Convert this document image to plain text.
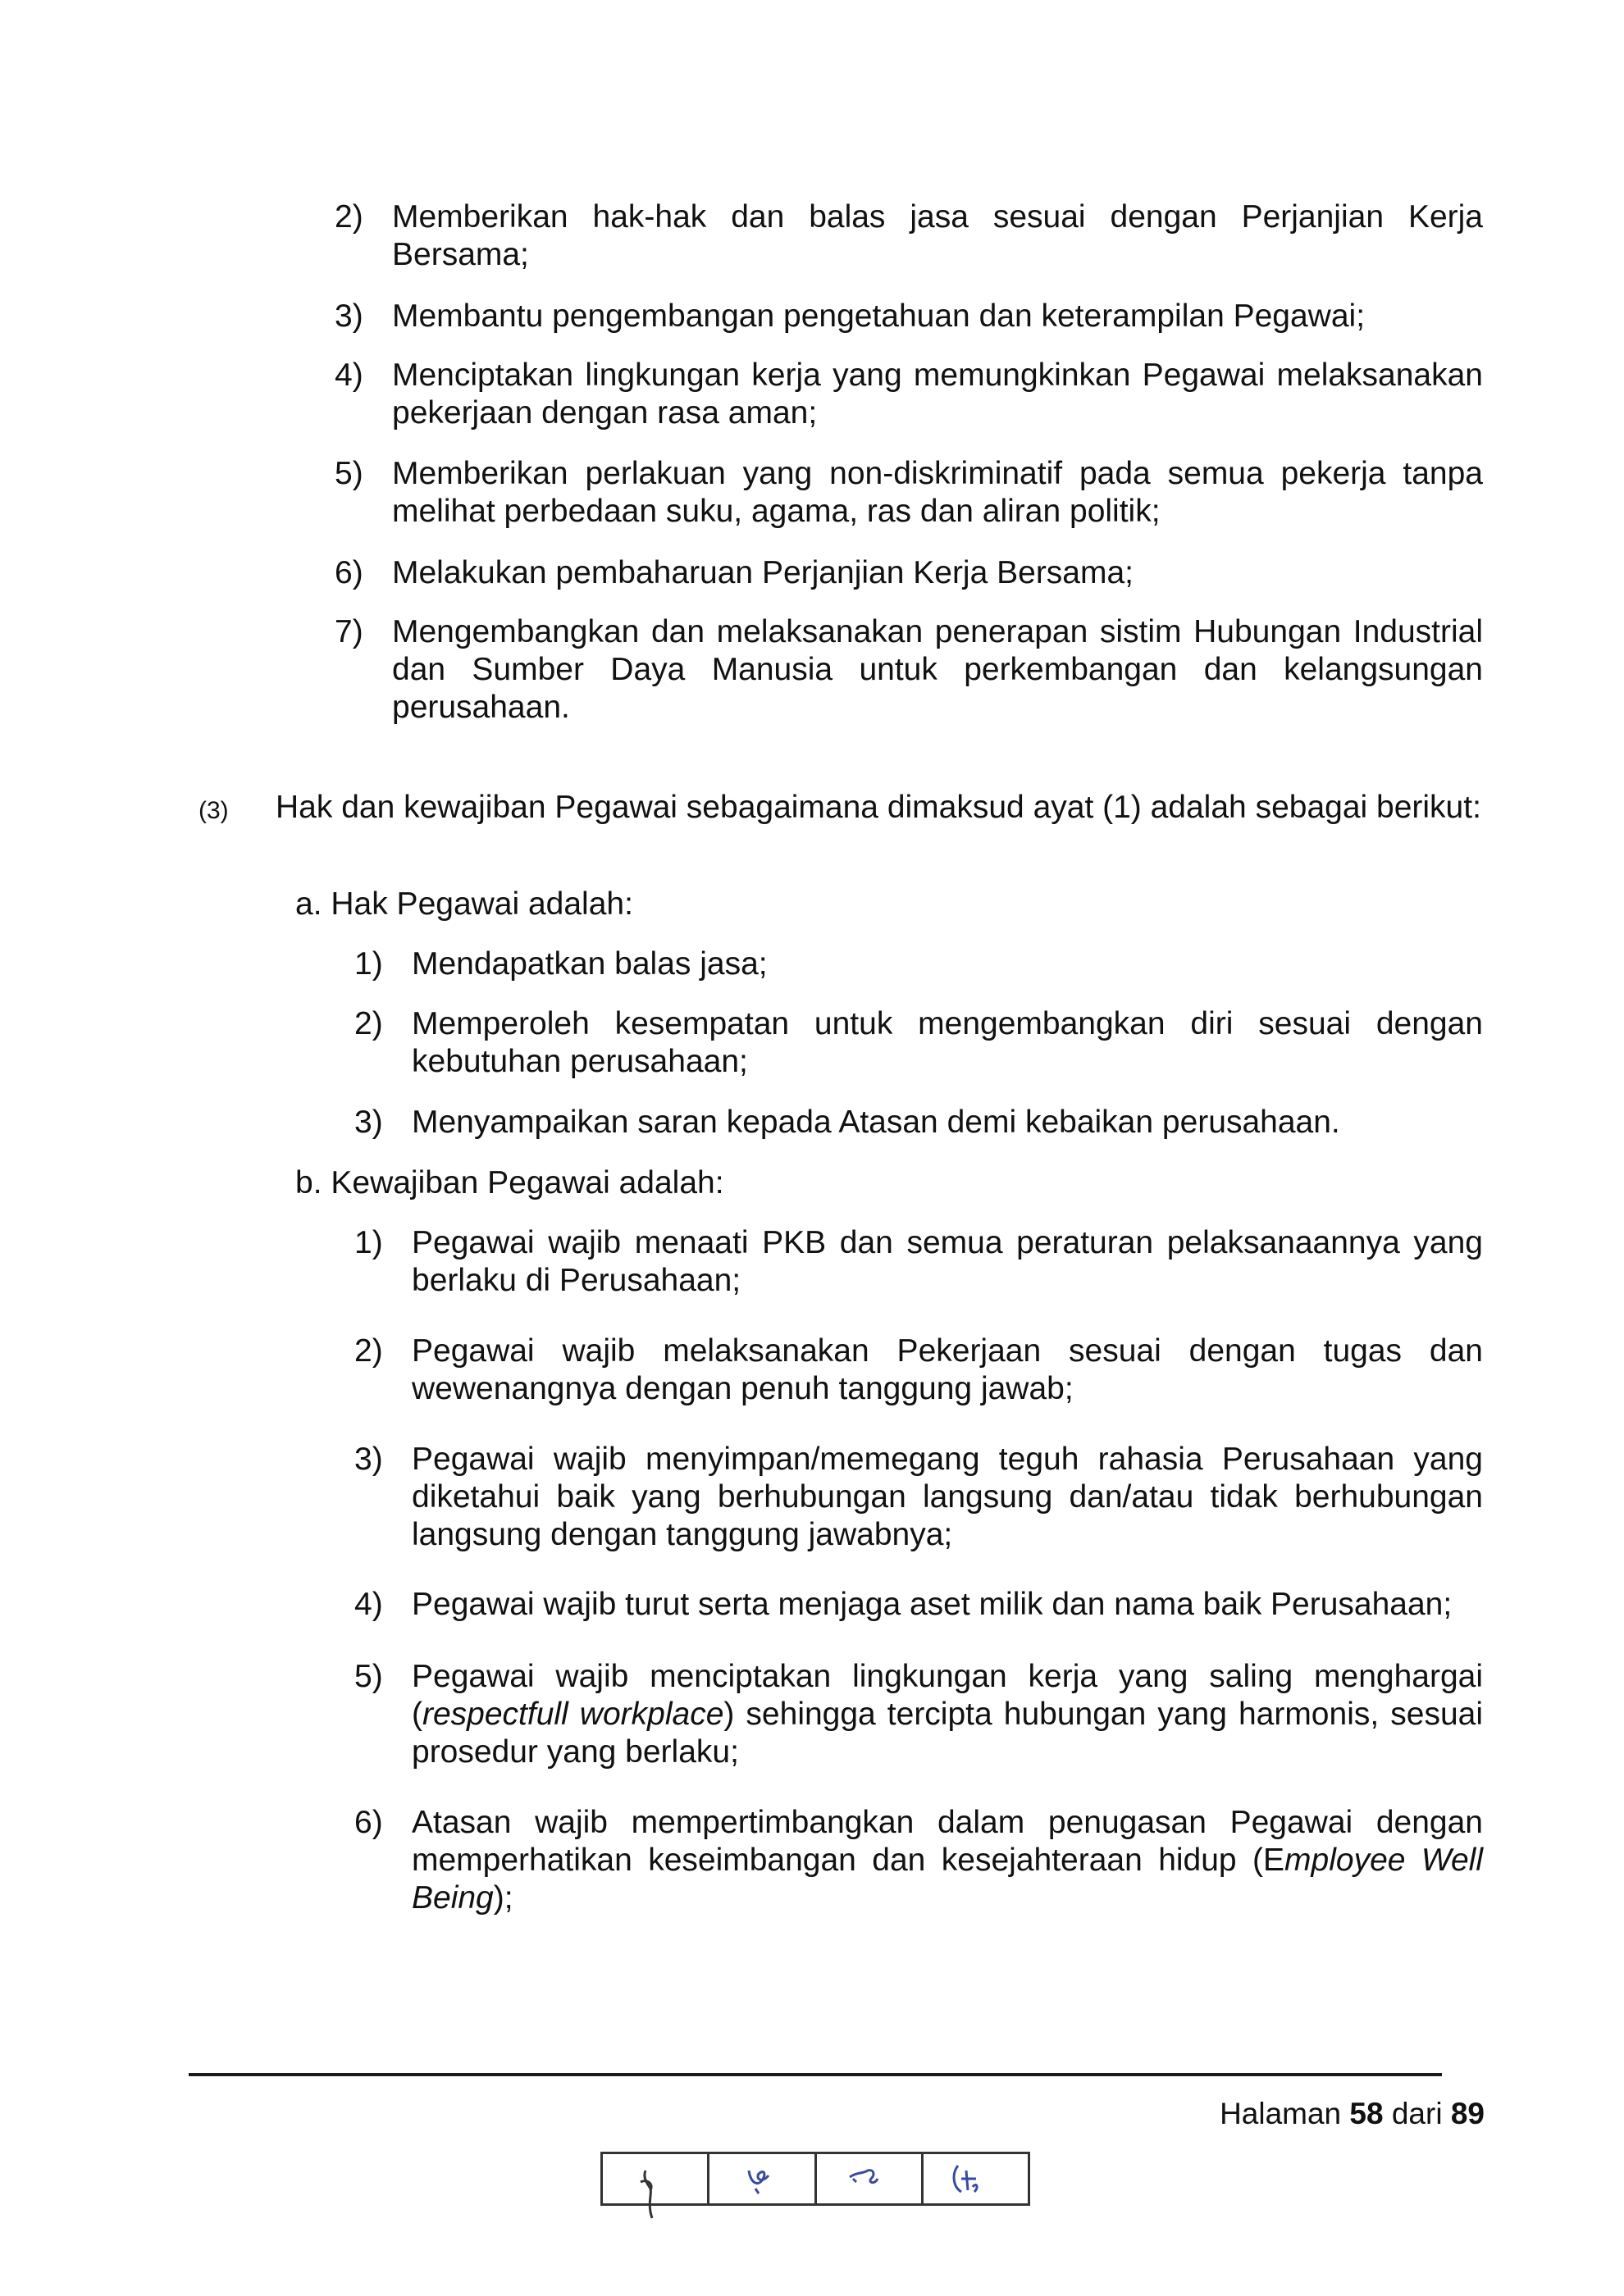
2) Memberikan hak-hak dan balas jasa sesuai dengan Perjanjian Kerja Bersama;
3) Membantu pengembangan pengetahuan dan keterampilan Pegawai;
4) Menciptakan lingkungan kerja yang memungkinkan Pegawai melaksanakan pekerjaan dengan rasa aman;
5) Memberikan perlakuan yang non-diskriminatif pada semua pekerja tanpa melihat perbedaan suku, agama, ras dan aliran politik;
6) Melakukan pembaharuan Perjanjian Kerja Bersama;
7) Mengembangkan dan melaksanakan penerapan sistim Hubungan Industrial dan Sumber Daya Manusia untuk perkembangan dan kelangsungan perusahaan.
(3) Hak dan kewajiban Pegawai sebagaimana dimaksud ayat (1) adalah sebagai berikut:
a. Hak Pegawai adalah:
1) Mendapatkan balas jasa;
2) Memperoleh kesempatan untuk mengembangkan diri sesuai dengan kebutuhan perusahaan;
3) Menyampaikan saran kepada Atasan demi kebaikan perusahaan.
b. Kewajiban Pegawai adalah:
1) Pegawai wajib menaati PKB dan semua peraturan pelaksanaannya yang berlaku di Perusahaan;
2) Pegawai wajib melaksanakan Pekerjaan sesuai dengan tugas dan wewenangnya dengan penuh tanggung jawab;
3) Pegawai wajib menyimpan/memegang teguh rahasia Perusahaan yang diketahui baik yang berhubungan langsung dan/atau tidak berhubungan langsung dengan tanggung jawabnya;
4) Pegawai wajib turut serta menjaga aset milik dan nama baik Perusahaan;
5) Pegawai wajib menciptakan lingkungan kerja yang saling menghargai (respectfull workplace) sehingga tercipta hubungan yang harmonis, sesuai prosedur yang berlaku;
6) Atasan wajib mempertimbangkan dalam penugasan Pegawai dengan memperhatikan keseimbangan dan kesejahteraan hidup (Employee Well Being);
Halaman 58 dari 89
